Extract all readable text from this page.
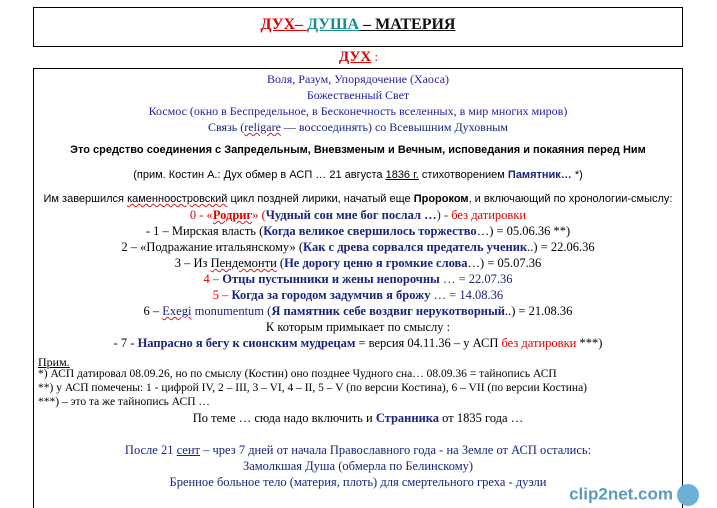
ДУХ– ДУША – МАТЕРИЯ
ДУХ :
Воля, Разум, Упорядочение (Хаоса)
Божественный Свет
Космос (окно в Беспредельное, в Бесконечность вселенных, в мир многих миров)
Связь (religare — воссоединять) со Всевышним Духовным
Это средство соединения с Запредельным, Вневзменым и Вечным, исповедания и покаяния перед Ним
(прим. Костин А.: Дух обмер в АСП … 21 августа 1836 г. стихотворением Памятник… *)
Им завершился каменноостровский цикл поздней лирики, начатый еще Пророком, и включающий по хронологии-смыслу:
0 - «Родриг» (Чудный сон мне бог послал …) - без датировки
- 1 – Мирская власть (Когда великое свершилось торжество…) = 05.06.36 **)
2 – «Подражание итальянскому» (Как с древа сорвался предатель ученик..) = 22.06.36
3 – Из Пендемонти (Не дорогу ценю я громкие слова…) = 05.07.36
4 – Отцы пустынники и жены непорочны … = 22.07.36
5 – Когда за городом задумчив я брожу … = 14.08.36
6 – Exegi monumentum (Я памятник себе воздвиг нерукотворный..) = 21.08.36
К которым примыкает по смыслу :
- 7 - Напрасно я бегу к сионским мудрецам = версия 04.11.36 – у АСП без датировки ***)
Прим.
*) АСП датировал 08.09.26, но по смыслу (Костин) оно позднее Чудного сна… 08.09.36 = тайнопись АСП
**) у АСП помечены: 1 - цифрой IV, 2 – III, 3 – VI, 4 – II, 5 – V (по версии Костина), 6 – VII (по версии Костина)
***) – это та же тайнопись АСП …
По теме … сюда надо включить и Странника от 1835 года …
После 21 сент – чрез 7 дней от начала Православного года - на Земле от АСП остались:
Замолкшая Душа (обмерла по Белинскому)
Бренное больное тело (материя, плоть) для смертельного греха - дуэли
clip2net.com
